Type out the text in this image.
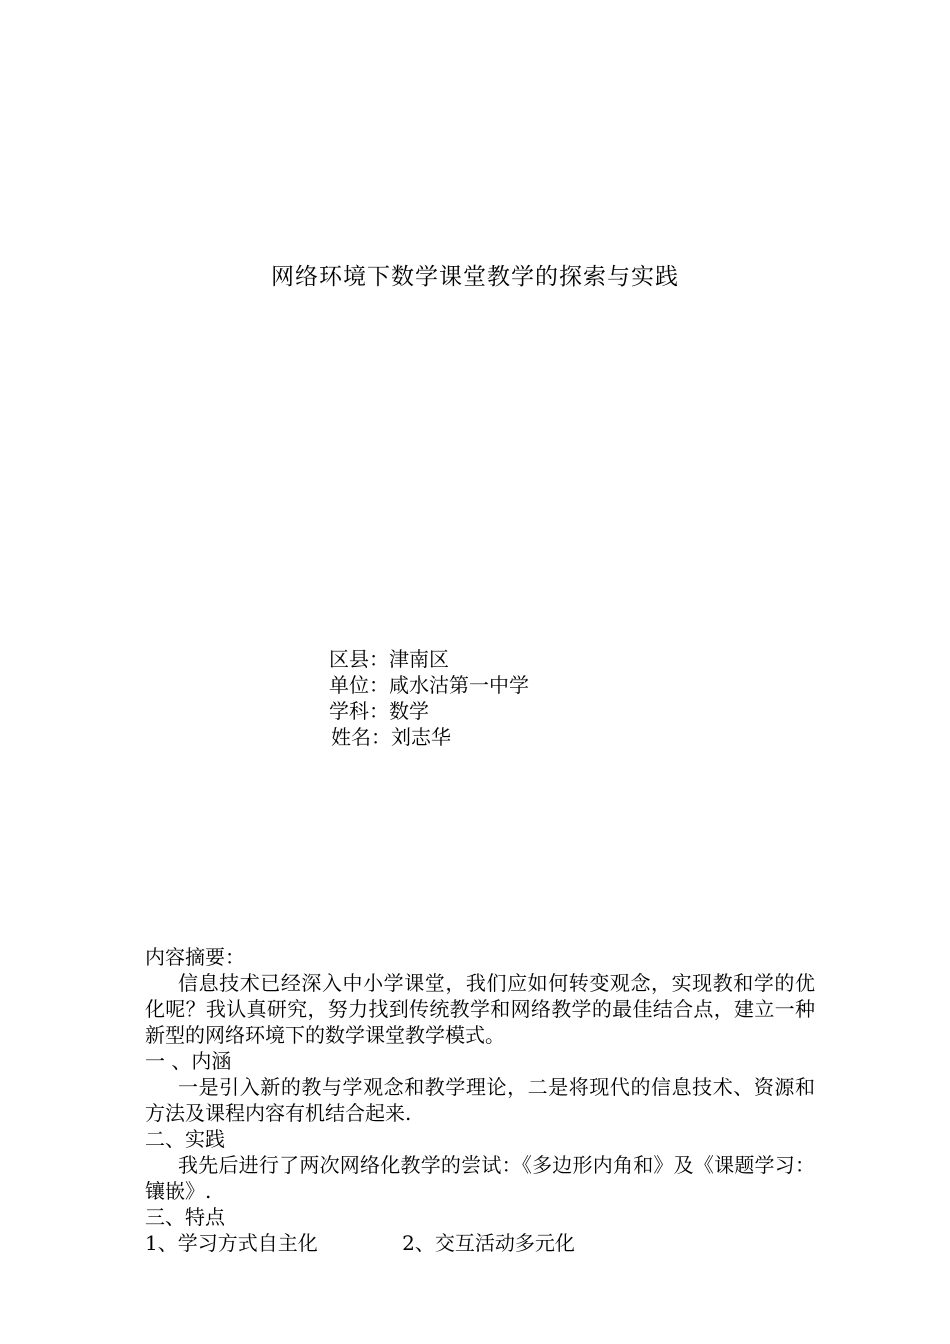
网络环境下数学课堂教学的探索与实践
区县：津南区
单位：咸水沽第一中学
学科：数学
姓名：刘志华
内容摘要：
信息技术已经深入中小学课堂，我们应如何转变观念，实现教和学的优化呢？我认真研究，努力找到传统教学和网络教学的最佳结合点，建立一种新型的网络环境下的数学课堂教学模式。
一 、内涵
一是引入新的教与学观念和教学理论，二是将现代的信息技术、资源和方法及课程内容有机结合起来.
二、实践
我先后进行了两次网络化教学的尝试：《多边形内角和》及《课题学习：镶嵌》.
三、特点
1、学习方式自主化	2、交互活动多元化
